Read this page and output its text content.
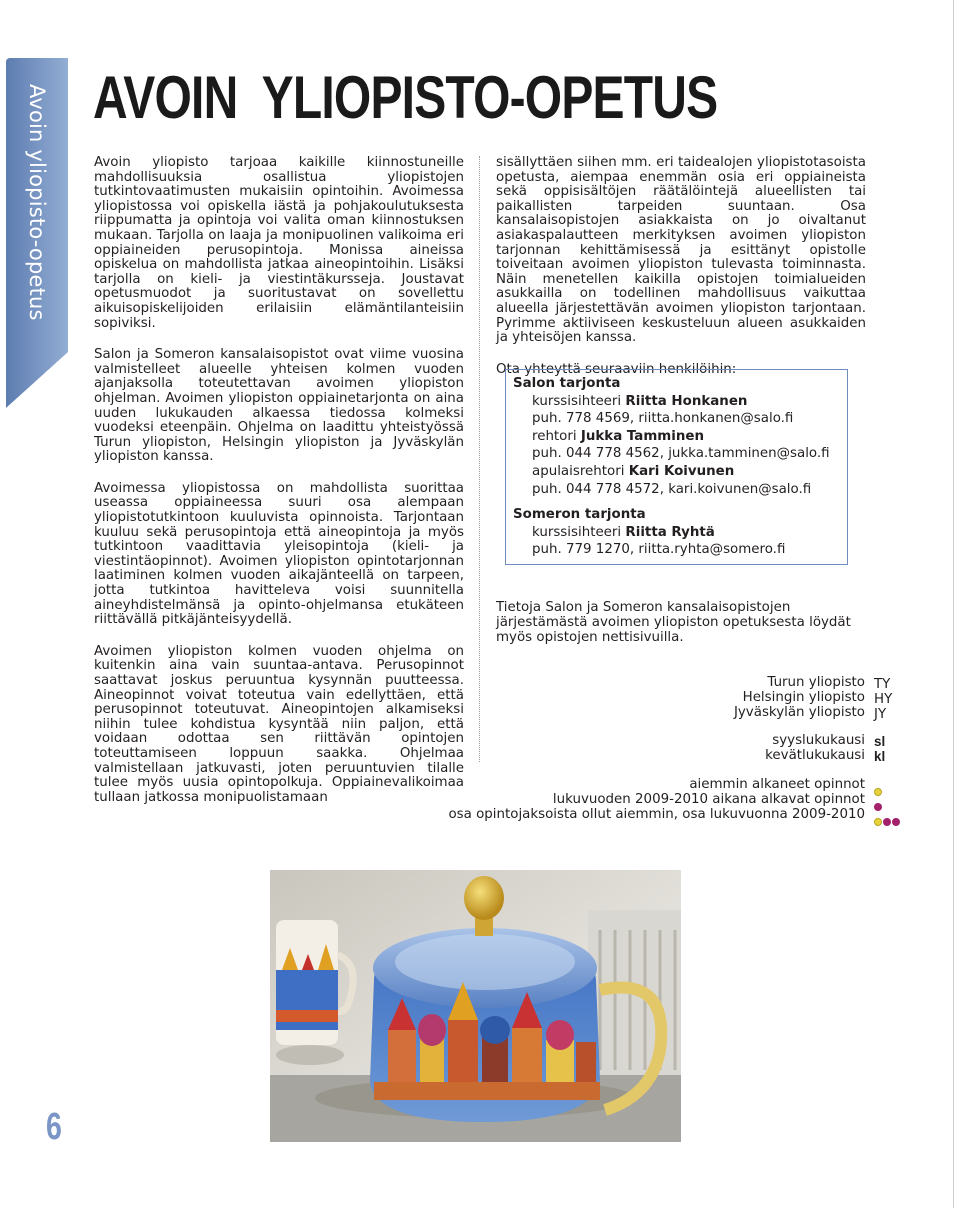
Avoin yliopisto-opetus AVOIN  YLIOPISTO-OPETUS

Avoin yliopisto tarjoaa kaikille kiinnostuneille mahdollisuuksia osallistua yliopistojen tutkintovaatimusten mukaisiin opintoihin. Avoimessa yliopistossa voi opiskella iästä ja pohjakoulutuksesta riippumatta ja opintoja voi valita oman kiinnostuksen mukaan. Tarjolla on laaja ja monipuolinen valikoima eri oppiaineiden perusopintoja. Monissa aineissa opiskelua on mahdollista jatkaa aineopintoihin. Lisäksi tarjolla on kieli- ja viestintäkursseja. Joustavat opetusmuodot ja suoritustavat on sovellettu aikuisopiskelijoiden erilaisiin elämäntilanteisiin sopiviksi.

Salon ja Someron kansalaisopistot ovat viime vuosina valmistelleet alueelle yhteisen kolmen vuoden ajanjaksolla toteutettavan avoimen yliopiston ohjelman. Avoimen yliopiston oppiainetarjonta on aina uuden lukukauden alkaessa tiedossa kolmeksi vuodeksi eteenpäin. Ohjelma on laadittu yhteistyössä Turun yliopiston, Helsingin yliopiston ja Jyväskylän yliopiston kanssa.

Avoimessa yliopistossa on mahdollista suorittaa useassa oppiaineessa suuri osa alempaan yliopistotutkintoon kuuluvista opinnoista. Tarjontaan kuuluu sekä perusopintoja että aineopintoja ja myös tutkintoon vaadittavia yleisopintoja (kieli- ja viestintäopinnot). Avoimen yliopiston opintotarjonnan laatiminen kolmen vuoden aikajänteellä on tarpeen, jotta tutkintoa havitteleva voisi suunnitella aineyhdistelmänsä ja opinto-ohjelmansa etukäteen riittävällä pitkäjänteisyydellä.

Avoimen yliopiston kolmen vuoden ohjelma on kuitenkin aina vain suuntaa-antava. Perusopinnot saattavat joskus peruuntua kysynnän puutteessa. Aineopinnot voivat toteutua vain edellyttäen, että perusopinnot toteutuvat. Aineopintojen alkamiseksi niihin tulee kohdistua kysyntää niin paljon, että voidaan odottaa sen riittävän opintojen toteuttamiseen loppuun saakka. Ohjelmaa valmistellaan jatkuvasti, joten peruuntuvien tilalle tulee myös uusia opintopolkuja. Oppiainevalikoimaa tullaan jatkossa monipuolistamaan

sisällyttäen siihen mm. eri taidealojen yliopistotasoista opetusta, aiempaa enemmän osia eri oppiaineista sekä oppisisältöjen räätälöintejä alueellisten tai paikallisten tarpeiden suuntaan. Osa kansalaisopistojen asiakkaista on jo oivaltanut asiakaspalautteen merkityksen avoimen yliopiston tarjonnan kehittämisessä ja esittänyt opistolle toiveitaan avoimen yliopiston tulevasta toiminnasta. Näin menetellen kaikilla opistojen toimialueiden asukkailla on todellinen mahdollisuus vaikuttaa alueella järjestettävän avoimen yliopiston tarjontaan. Pyrimme aktiiviseen keskusteluun alueen asukkaiden ja yhteisöjen kanssa.

Ota yhteyttä seuraaviin henkilöihin:

Salon tarjonta
kurssisihteeri Riitta Honkanen
puh. 778 4569, riitta.honkanen@salo.fi
rehtori Jukka Tamminen
puh. 044 778 4562, jukka.tamminen@salo.fi
apulaisrehtori Kari Koivunen
puh. 044 778 4572, kari.koivunen@salo.fi
Someron tarjonta
kurssisihteeri Riitta Ryhtä
puh. 779 1270, riitta.ryhta@somero.fi
Tietoja Salon ja Someron kansalaisopistojen järjestämästä avoimen yliopiston opetuksesta löydät myös opistojen nettisivuilla.
Turun yliopisto
Helsingin yliopisto
Jyväskylän yliopisto
TY
HY
JY
syyslukukausi
kevätlukukausi
sl
kl
aiemmin alkaneet opinnot
lukuvuoden 2009-2010 aikana alkavat opinnot
osa opintojaksoista ollut aiemmin, osa lukuvuonna 2009-2010
6
